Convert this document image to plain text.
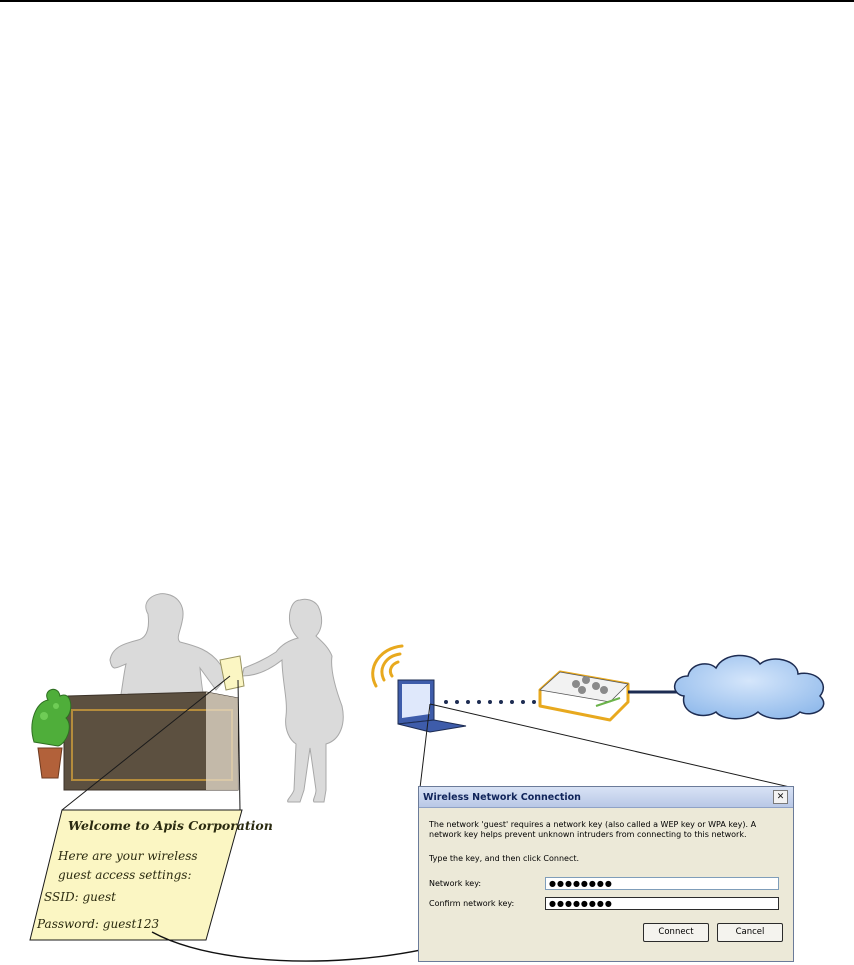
Welcome to Apis Corporation
Here are your wireless guest access settings:
SSID: guest
Password: guest123
Wireless Network Connection	✕
The network 'guest' requires a network key (also called a WEP key or WPA key). A network key helps prevent unknown intruders from connecting to this network.
Type the key, and then click Connect.
Network key:	●●●●●●●●
Confirm network key:	●●●●●●●●
Connect	Cancel
